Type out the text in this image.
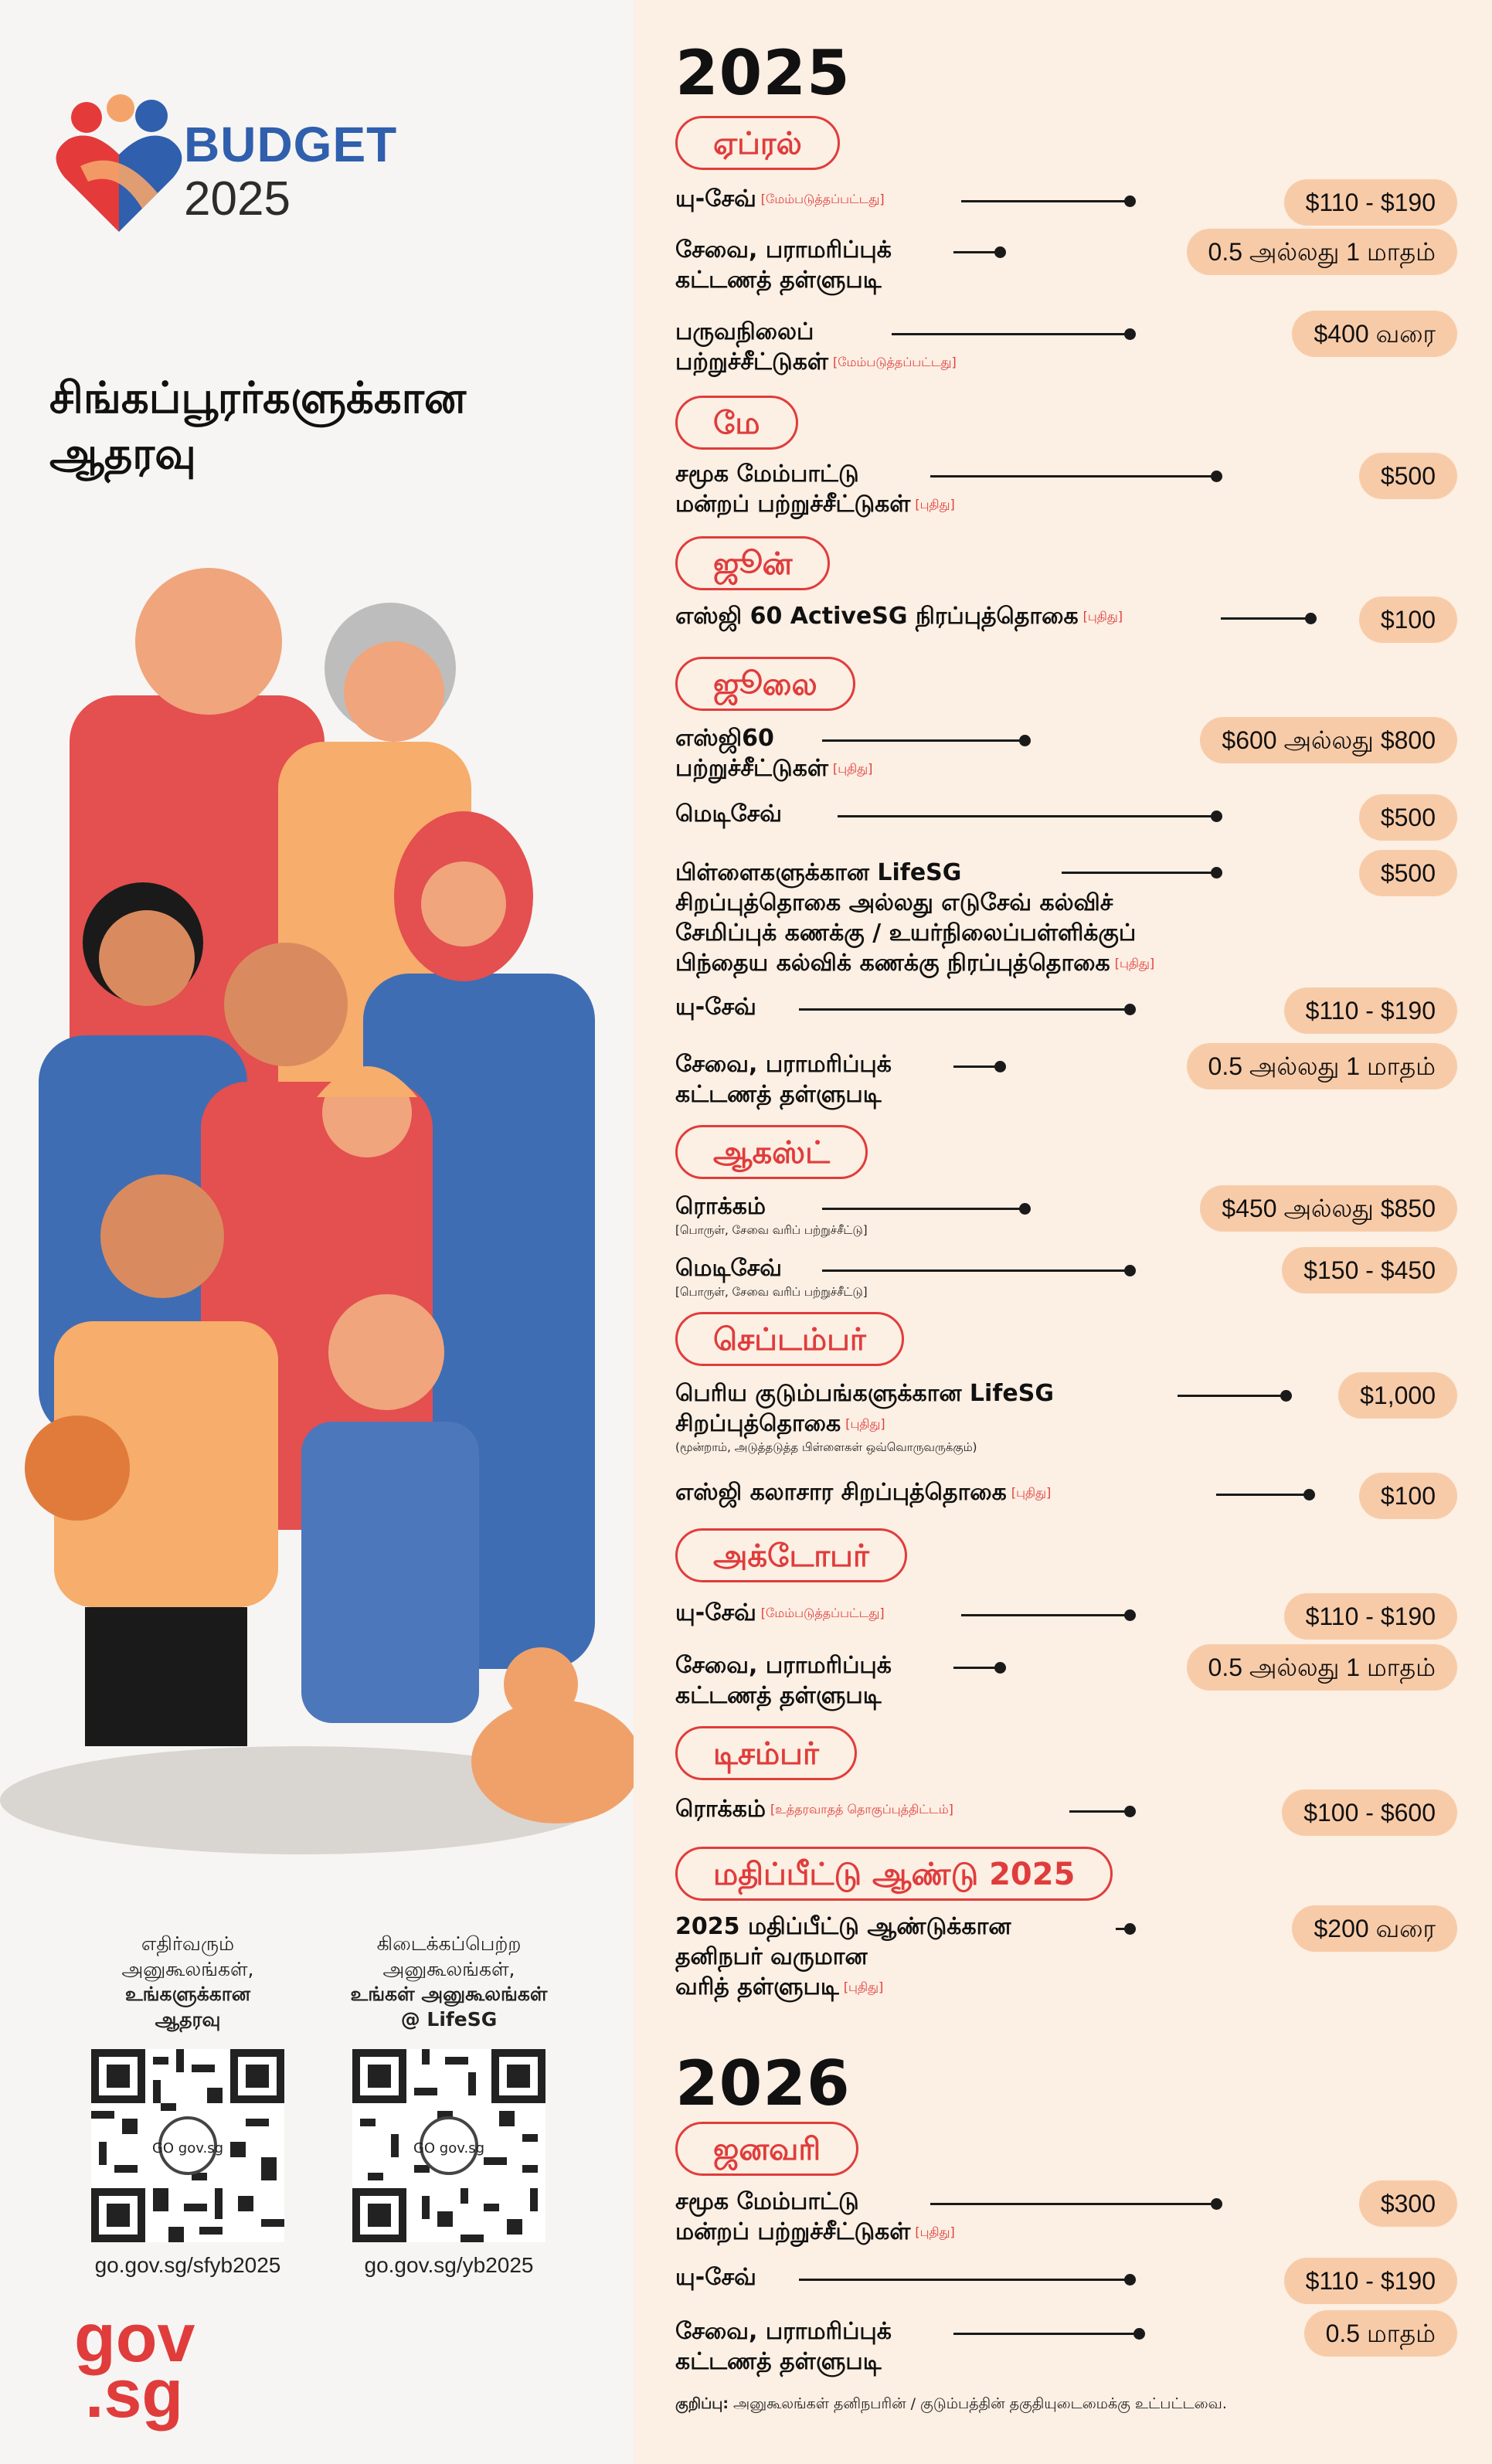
BUDGET
2025
சிங்கப்பூரர்களுக்கான ஆதரவு
எதிர்வரும்
அனுகூலங்கள்,
உங்களுக்கான
ஆதரவு
GO gov.sg
go.gov.sg/sfyb2025
கிடைக்கப்பெற்ற
அனுகூலங்கள்,
உங்கள் அனுகூலங்கள்
@ LifeSG
GO gov.sg
go.gov.sg/yb2025
gov
.sg
2025
ஏப்ரல்
யு-சேவ் [மேம்படுத்தப்பட்டது]	$110 - $190
சேவை, பராமரிப்புக்
கட்டணத் தள்ளுபடி
0.5 அல்லது 1 மாதம்
பருவநிலைப்
பற்றுச்சீட்டுகள் [மேம்படுத்தப்பட்டது]
$400 வரை
மே
சமூக மேம்பாட்டு
மன்றப் பற்றுச்சீட்டுகள் [புதிது]
$500
ஜூன்
எஸ்ஜி 60 ActiveSG நிரப்புத்தொகை [புதிது]	$100
ஜூலை
எஸ்ஜி60
பற்றுச்சீட்டுகள் [புதிது]
$600 அல்லது $800
மெடிசேவ்	$500
பிள்ளைகளுக்கான LifeSG
சிறப்புத்தொகை அல்லது எடுசேவ் கல்விச்
சேமிப்புக் கணக்கு / உயர்நிலைப்பள்ளிக்குப்
பிந்தைய கல்விக் கணக்கு நிரப்புத்தொகை [புதிது]
$500
யு-சேவ்	$110 - $190
சேவை, பராமரிப்புக்
கட்டணத் தள்ளுபடி
0.5 அல்லது 1 மாதம்
ஆகஸ்ட்
ரொக்கம்
[பொருள், சேவை வரிப் பற்றுச்சீட்டு]
$450 அல்லது $850
மெடிசேவ்
[பொருள், சேவை வரிப் பற்றுச்சீட்டு]
$150 - $450
செப்டம்பர்
பெரிய குடும்பங்களுக்கான LifeSG
சிறப்புத்தொகை [புதிது]
(மூன்றாம், அடுத்தடுத்த பிள்ளைகள் ஒவ்வொருவருக்கும்)
$1,000
எஸ்ஜி கலாசார சிறப்புத்தொகை [புதிது]	$100
அக்டோபர்
யு-சேவ் [மேம்படுத்தப்பட்டது]	$110 - $190
சேவை, பராமரிப்புக்
கட்டணத் தள்ளுபடி
0.5 அல்லது 1 மாதம்
டிசம்பர்
ரொக்கம் [உத்தரவாதத் தொகுப்புத்திட்டம்]	$100 - $600
மதிப்பீட்டு ஆண்டு 2025
2025 மதிப்பீட்டு ஆண்டுக்கான
தனிநபர் வருமான
வரித் தள்ளுபடி [புதிது]
$200 வரை
2026
ஜனவரி
சமூக மேம்பாட்டு
மன்றப் பற்றுச்சீட்டுகள் [புதிது]
$300
யு-சேவ்	$110 - $190
சேவை, பராமரிப்புக்
கட்டணத் தள்ளுபடி
0.5 மாதம்
குறிப்பு: அனுகூலங்கள் தனிநபரின் / குடும்பத்தின் தகுதியுடைமைக்கு உட்பட்டவை.
